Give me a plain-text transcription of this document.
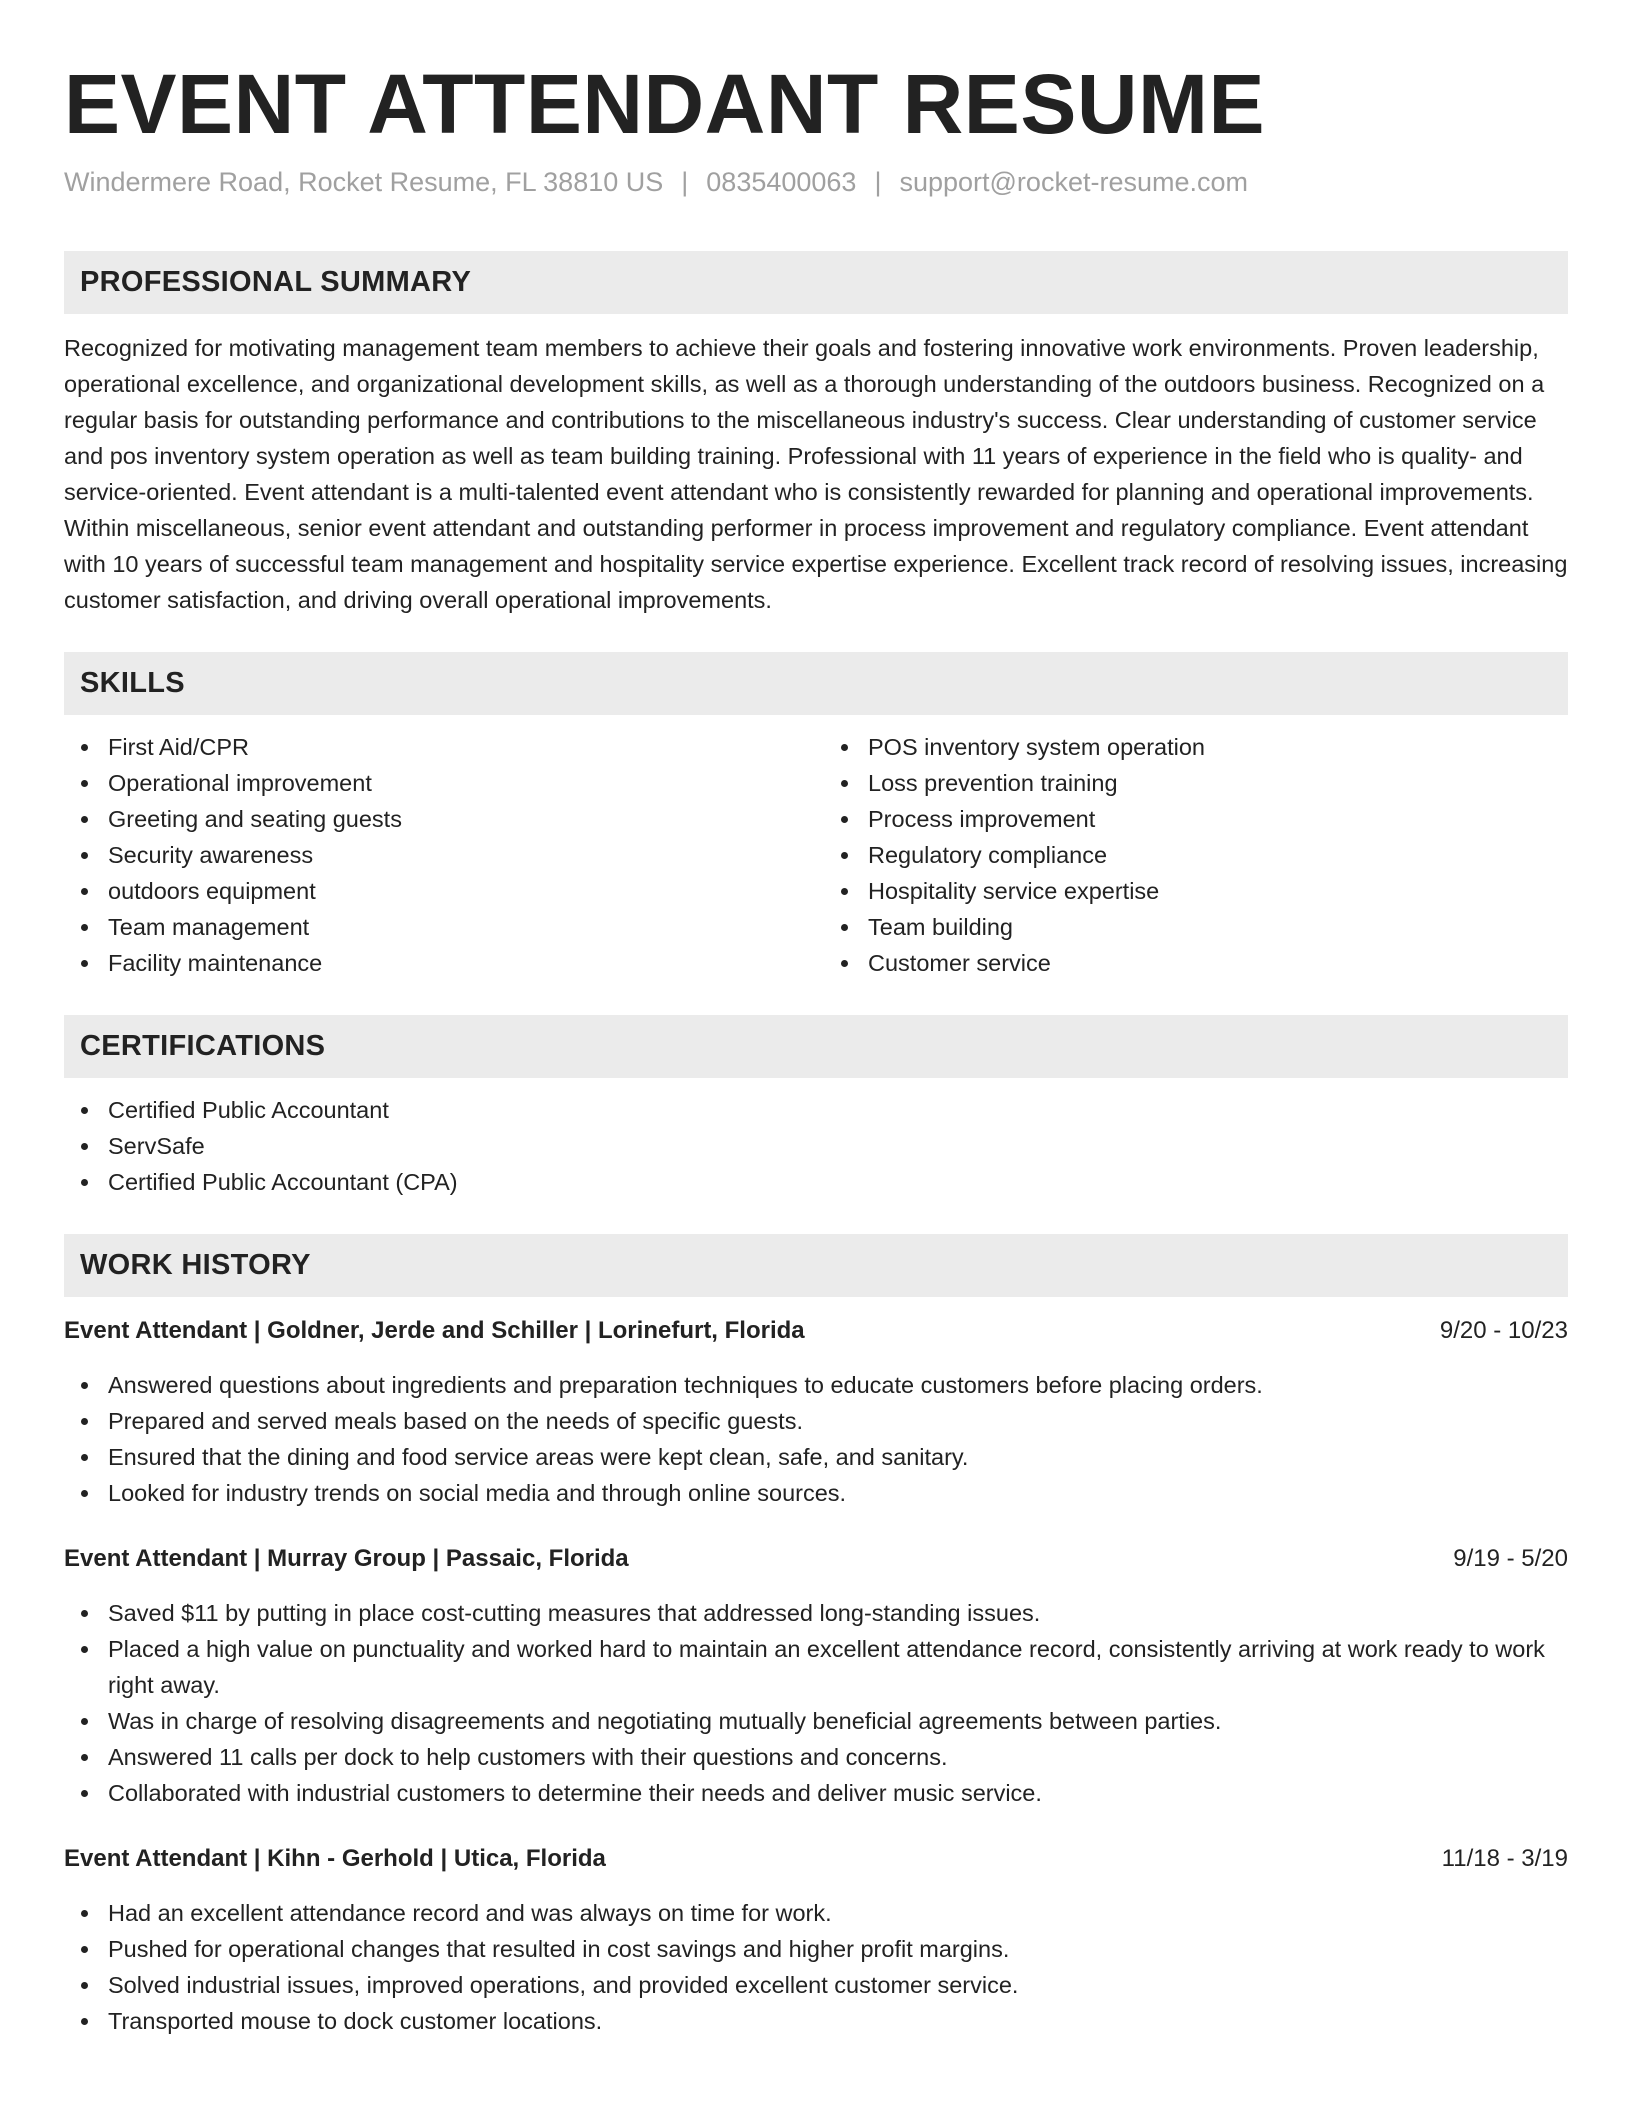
EVENT ATTENDANT RESUME
Windermere Road, Rocket Resume, FL 38810 US | 0835400063 | support@rocket-resume.com
PROFESSIONAL SUMMARY

Recognized for motivating management team members to achieve their goals and fostering innovative work environments. Proven leadership, operational excellence, and organizational development skills, as well as a thorough understanding of the outdoors business. Recognized on a regular basis for outstanding performance and contributions to the miscellaneous industry's success. Clear understanding of customer service and pos inventory system operation as well as team building training. Professional with 11 years of experience in the field who is quality- and service-oriented. Event attendant is a multi-talented event attendant who is consistently rewarded for planning and operational improvements. Within miscellaneous, senior event attendant and outstanding performer in process improvement and regulatory compliance. Event attendant with 10 years of successful team management and hospitality service expertise experience. Excellent track record of resolving issues, increasing customer satisfaction, and driving overall operational improvements.

SKILLS
First Aid/CPR
Operational improvement
Greeting and seating guests
Security awareness
outdoors equipment
Team management
Facility maintenance
POS inventory system operation
Loss prevention training
Process improvement
Regulatory compliance
Hospitality service expertise
Team building
Customer service
CERTIFICATIONS
Certified Public Accountant
ServSafe
Certified Public Accountant (CPA)
WORK HISTORY
Event Attendant | Goldner, Jerde and Schiller | Lorinefurt, Florida	9/20 - 10/23
Answered questions about ingredients and preparation techniques to educate customers before placing orders.
Prepared and served meals based on the needs of specific guests.
Ensured that the dining and food service areas were kept clean, safe, and sanitary.
Looked for industry trends on social media and through online sources.
Event Attendant | Murray Group | Passaic, Florida	9/19 - 5/20
Saved $11 by putting in place cost-cutting measures that addressed long-standing issues.
Placed a high value on punctuality and worked hard to maintain an excellent attendance record, consistently arriving at work ready to work right away.
Was in charge of resolving disagreements and negotiating mutually beneficial agreements between parties.
Answered 11 calls per dock to help customers with their questions and concerns.
Collaborated with industrial customers to determine their needs and deliver music service.
Event Attendant | Kihn - Gerhold | Utica, Florida	11/18 - 3/19
Had an excellent attendance record and was always on time for work.
Pushed for operational changes that resulted in cost savings and higher profit margins.
Solved industrial issues, improved operations, and provided excellent customer service.
Transported mouse to dock customer locations.
